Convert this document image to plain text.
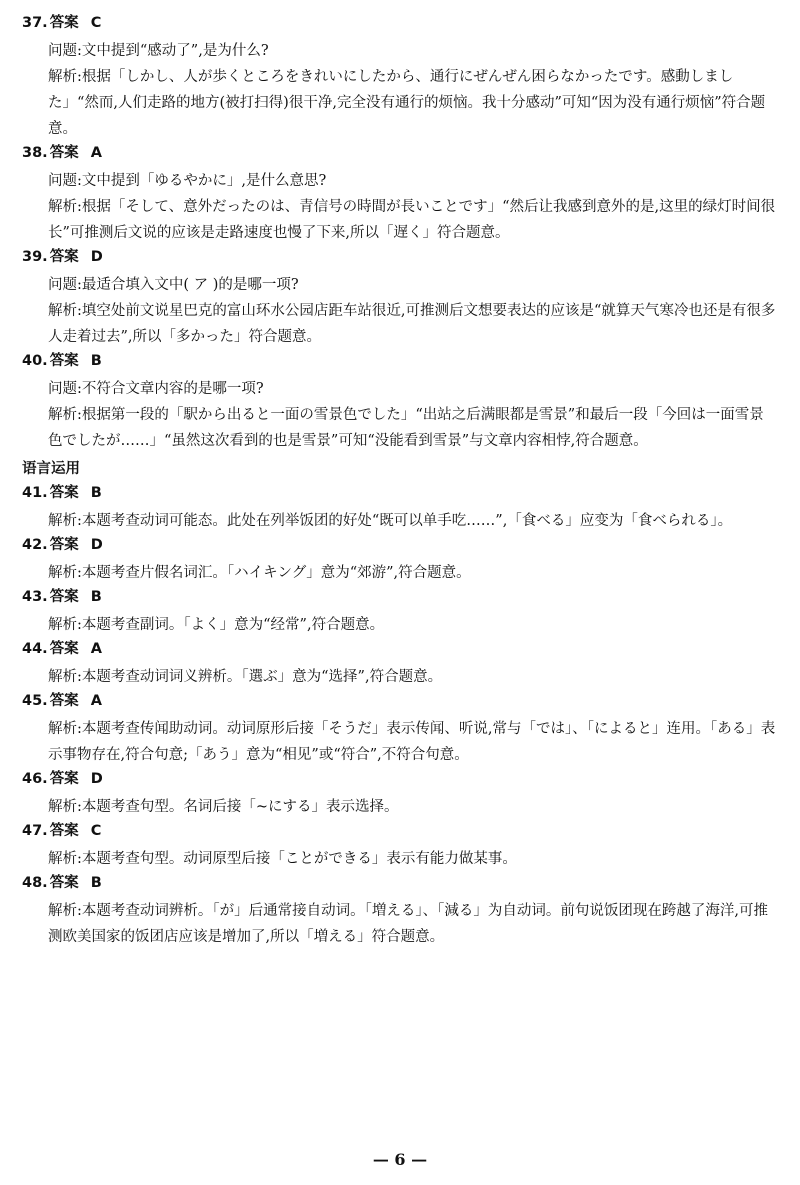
37. 答案 C
问题:文中提到“感动了”,是为什么?
解析:根据「しかし、人が歩くところをきれいにしたから、通行にぜんぜん困らなかったです。感動しました」“然而,人们走路的地方(被打扫得)很干净,完全没有通行的烦恼。我十分感动”可知“因为没有通行烦恼”符合题意。
38. 答案 A
问题:文中提到「ゆるやかに」,是什么意思?
解析:根据「そして、意外だったのは、青信号の時間が長いことです」“然后让我感到意外的是,这里的绿灯时间很长”可推测后文说的应该是走路速度也慢了下来,所以「遅く」符合题意。
39. 答案 D
问题:最适合填入文中( ア )的是哪一项?
解析:填空处前文说星巴克的富山环水公园店距车站很近,可推测后文想要表达的应该是“就算天气寒冷也还是有很多人走着过去”,所以「多かった」符合题意。
40. 答案 B
问题:不符合文章内容的是哪一项?
解析:根据第一段的「駅から出ると一面の雪景色でした」“出站之后满眼都是雪景”和最后一段「今回は一面雪景色でしたが……」“虽然这次看到的也是雪景”可知“没能看到雪景”与文章内容相悖,符合题意。
语言运用
41. 答案 B
解析:本题考查动词可能态。此处在列举饭团的好处“既可以单手吃……”,「食べる」应变为「食べられる」。
42. 答案 D
解析:本题考查片假名词汇。「ハイキング」意为“郊游”,符合题意。
43. 答案 B
解析:本题考查副词。「よく」意为“经常”,符合题意。
44. 答案 A
解析:本题考查动词词义辨析。「選ぶ」意为“选择”,符合题意。
45. 答案 A
解析:本题考查传闻助动词。动词原形后接「そうだ」表示传闻、听说,常与「では」、「によると」连用。「ある」表示事物存在,符合句意;「あう」意为“相见”或“符合”,不符合句意。
46. 答案 D
解析:本题考查句型。名词后接「~にする」表示选择。
47. 答案 C
解析:本题考查句型。动词原型后接「ことができる」表示有能力做某事。
48. 答案 B
解析:本题考查动词辨析。「が」后通常接自动词。「増える」、「減る」为自动词。前句说饭团现在跨越了海洋,可推测欧美国家的饭团店应该是增加了,所以「増える」符合题意。
— 6 —
